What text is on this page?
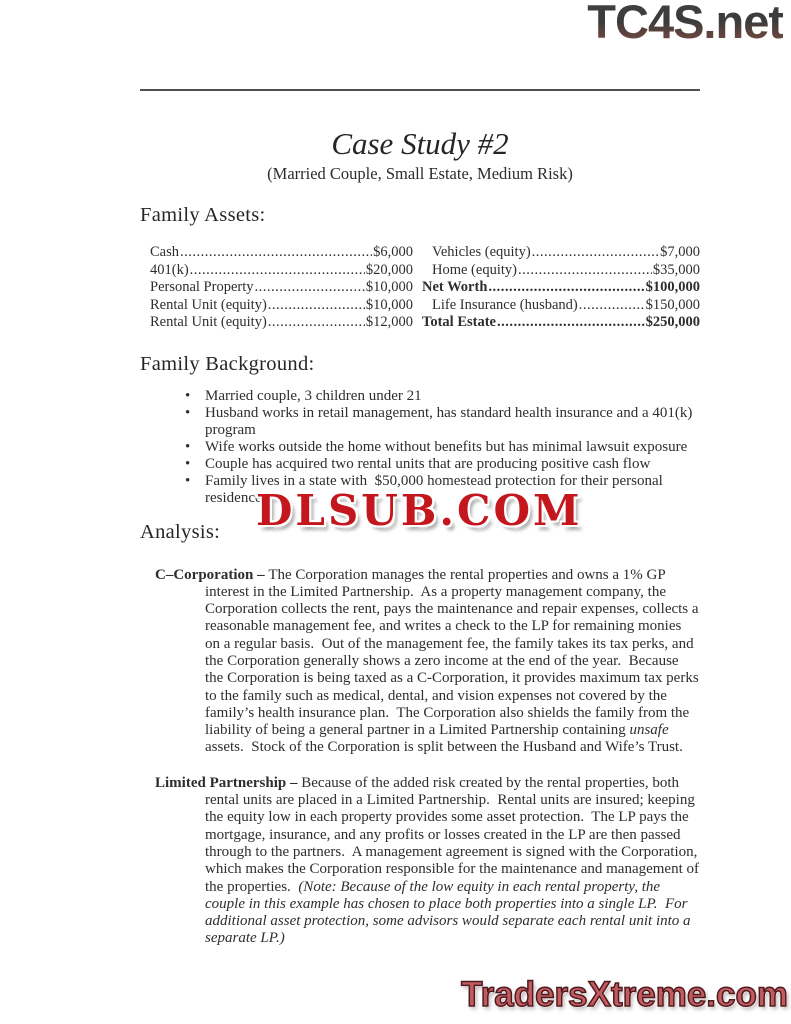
TC4S.net
Case Study #2
(Married Couple, Small Estate, Medium Risk)
Family Assets:
Cash .....	$6,000
401(k) .....	$20,000
Personal Property .....	$10,000
Rental Unit (equity) .....	$10,000
Rental Unit (equity) .....	$12,000
Vehicles (equity) .....	$7,000
Home (equity) .....	$35,000
Net Worth .....	$100,000
Life Insurance (husband) .....	$150,000
Total Estate .....	$250,000
Family Background:
• Married couple, 3 children under 21
• Husband works in retail management, has standard health insurance and a 401(k) program
• Wife works outside the home without benefits but has minimal lawsuit exposure
• Couple has acquired two rental units that are producing positive cash flow
• Family lives in a state with  $50,000 homestead protection for their personal residence
Analysis:
C–Corporation – The Corporation manages the rental properties and owns a 1% GP interest in the Limited Partnership.  As a property management company, the Corporation collects the rent, pays the maintenance and repair expenses, collects a reasonable management fee, and writes a check to the LP for remaining monies on a regular basis.  Out of the management fee, the family takes its tax perks, and the Corporation generally shows a zero income at the end of the year.  Because the Corporation is being taxed as a C-Corporation, it provides maximum tax perks to the family such as medical, dental, and vision expenses not covered by the family’s health insurance plan.  The Corporation also shields the family from the liability of being a general partner in a Limited Partnership containing unsafe assets.  Stock of the Corporation is split between the Husband and Wife’s Trust.
Limited Partnership – Because of the added risk created by the rental properties, both rental units are placed in a Limited Partnership.  Rental units are insured; keeping the equity low in each property provides some asset protection.  The LP pays the mortgage, insurance, and any profits or losses created in the LP are then passed through to the partners.  A management agreement is signed with the Corporation, which makes the Corporation responsible for the maintenance and management of the properties.  (Note: Because of the low equity in each rental property, the couple in this example has chosen to place both properties into a single LP.  For additional asset protection, some advisors would separate each rental unit into a separate LP.)
DLSUB.COM
TradersXtreme.com
